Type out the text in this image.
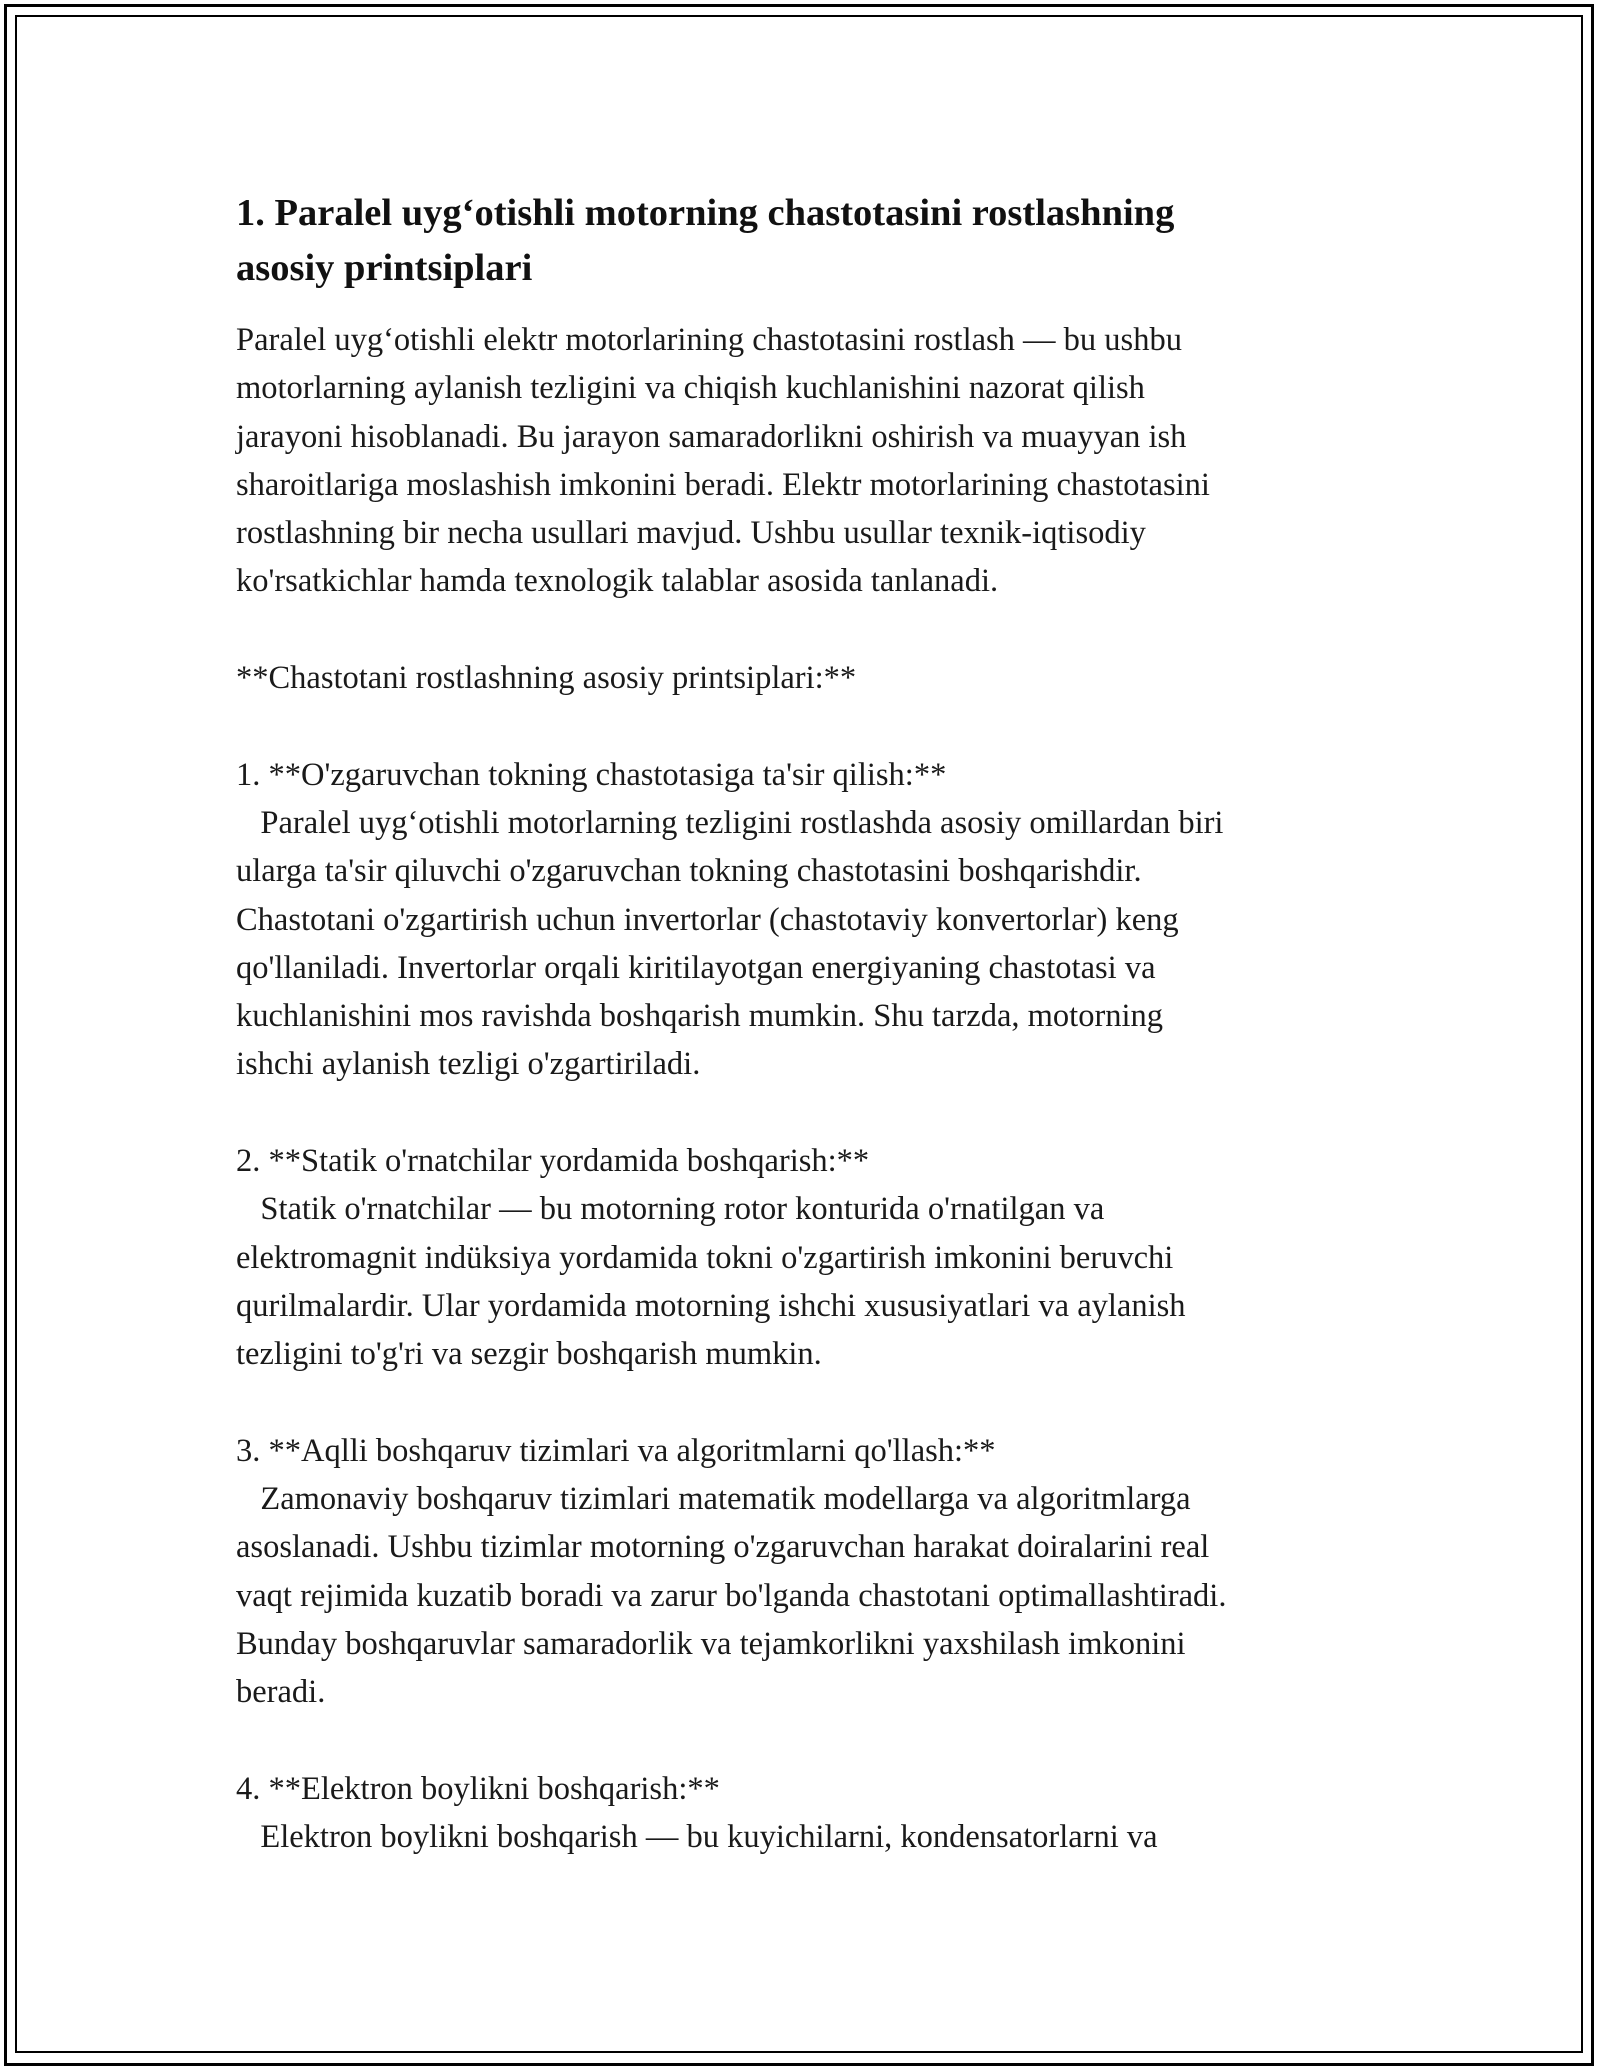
1. Paralel uyg‘otishli motorning chastotasini rostlashning
asosiy printsiplari
Paralel uyg‘otishli elektr motorlarining chastotasini rostlash — bu ushbu
motorlarning aylanish tezligini va chiqish kuchlanishini nazorat qilish
jarayoni hisoblanadi. Bu jarayon samaradorlikni oshirish va muayyan ish
sharoitlariga moslashish imkonini beradi. Elektr motorlarining chastotasini
rostlashning bir necha usullari mavjud. Ushbu usullar texnik-iqtisodiy
ko'rsatkichlar hamda texnologik talablar asosida tanlanadi.
**Chastotani rostlashning asosiy printsiplari:**
1. **O'zgaruvchan tokning chastotasiga ta'sir qilish:**
Paralel uyg‘otishli motorlarning tezligini rostlashda asosiy omillardan biri
ularga ta'sir qiluvchi o'zgaruvchan tokning chastotasini boshqarishdir.
Chastotani o'zgartirish uchun invertorlar (chastotaviy konvertorlar) keng
qo'llaniladi. Invertorlar orqali kiritilayotgan energiyaning chastotasi va
kuchlanishini mos ravishda boshqarish mumkin. Shu tarzda, motorning
ishchi aylanish tezligi o'zgartiriladi.
2. **Statik o'rnatchilar yordamida boshqarish:**
Statik o'rnatchilar — bu motorning rotor konturida o'rnatilgan va
elektromagnit indüksiya yordamida tokni o'zgartirish imkonini beruvchi
qurilmalardir. Ular yordamida motorning ishchi xususiyatlari va aylanish
tezligini to'g'ri va sezgir boshqarish mumkin.
3. **Aqlli boshqaruv tizimlari va algoritmlarni qo'llash:**
Zamonaviy boshqaruv tizimlari matematik modellarga va algoritmlarga
asoslanadi. Ushbu tizimlar motorning o'zgaruvchan harakat doiralarini real
vaqt rejimida kuzatib boradi va zarur bo'lganda chastotani optimallashtiradi.
Bunday boshqaruvlar samaradorlik va tejamkorlikni yaxshilash imkonini
beradi.
4. **Elektron boylikni boshqarish:**
Elektron boylikni boshqarish — bu kuyichilarni, kondensatorlarni va
